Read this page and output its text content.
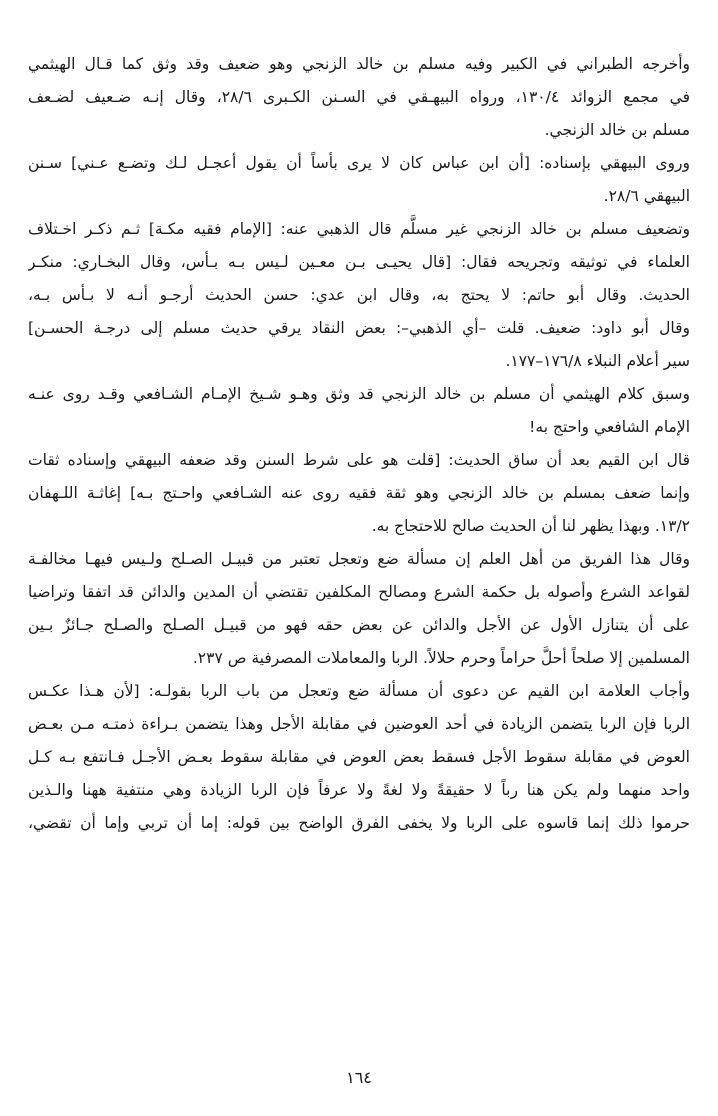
وأخرجه الطبراني في الكبير وفيه مسلم بن خالد الزنجي وهو ضعيف وقد وثق كما قـال الهيثمي
في مجمع الزوائد ١٣٠/٤، ورواه البيهـقي في السـنن الكـبرى ٢٨/٦، وقال إنـه ضـعيف لضـعف
مسلم بن خالد الزنجي.
وروى البيهقي بإسناده: [أن ابن عباس كان لا يرى بأساً أن يقول أعجـل لـك وتضـع عـني] سـنن
البيهقي ٢٨/٦.
وتضعيف مسلم بن خالد الزنجي غير مسلَّم قال الذهبي عنه: [الإمام فقيه مكـة] ثـم ذكـر اخـتلاف
العلماء في توثيقه وتجريحه فقال: [قال يحيـى بـن معـين لـيس بـه بـأس، وقال البخـاري: منكـر
الحديث. وقال أبو حاتم: لا يحتج به، وقال ابن عدي: حسن الحديث أرجـو أنـه لا بـأس بـه،
وقال أبو داود: ضعيف. قلت –أي الذهبي–: بعض النقاد يرقي حديث مسلم إلى درجـة الحسـن]
سير أعلام النبلاء ١٧٦/٨–١٧٧.
وسبق كلام الهيثمي أن مسلم بن خالد الزنجي قد وثق وهـو شـيخ الإمـام الشـافعي وقـد روى عنـه
الإمام الشافعي واحتج به!
قال ابن القيم بعد أن ساق الحديث: [قلت هو على شرط السنن وقد ضعفه البيهقي وإسناده ثقات
وإنما ضعف بمسلم بن خالد الزنجي وهو ثقة فقيه روى عنه الشـافعي واحـتج بـه] إغاثـة اللـهفان
١٣/٢. وبهذا يظهر لنا أن الحديث صالح للاحتجاج به.
وقال هذا الفريق من أهل العلم إن مسألة ضع وتعجل تعتبر من قبيـل الصـلح ولـيس فيهـا مخالفـة
لقواعد الشرع وأصوله بل حكمة الشرع ومصالح المكلفين تقتضي أن المدين والدائن قد اتفقا وتراضيا
على أن يتنازل الأول عن الأجل والدائن عن بعض حقه فهو من قبيـل الصـلح والصـلح جـائزٌ بـين
المسلمين إلا صلحاً أحلَّ حراماً وحرم حلالاً. الربا والمعاملات المصرفية ص ٢٣٧.
وأجاب العلامة ابن القيم عن دعوى أن مسألة ضع وتعجل من باب الربا بقولـه: [لأن هـذا عكـس
الربا فإن الربا يتضمن الزيادة في أحد العوضين في مقابلة الأجل وهذا يتضمن بـراءة ذمتـه مـن بعـض
العوض في مقابلة سقوط الأجل فسقط بعض العوض في مقابلة سقوط بعـض الأجـل فـانتفع بـه كـل
واحد منهما ولم يكن هنا رباً لا حقيقةً ولا لغةً ولا عرفاً فإن الربا الزيادة وهي منتفية ههنا والـذين
حرموا ذلك إنما قاسوه على الربا ولا يخفى الفرق الواضح بين قوله: إما أن تربي وإما أن تقضي،
١٦٤
